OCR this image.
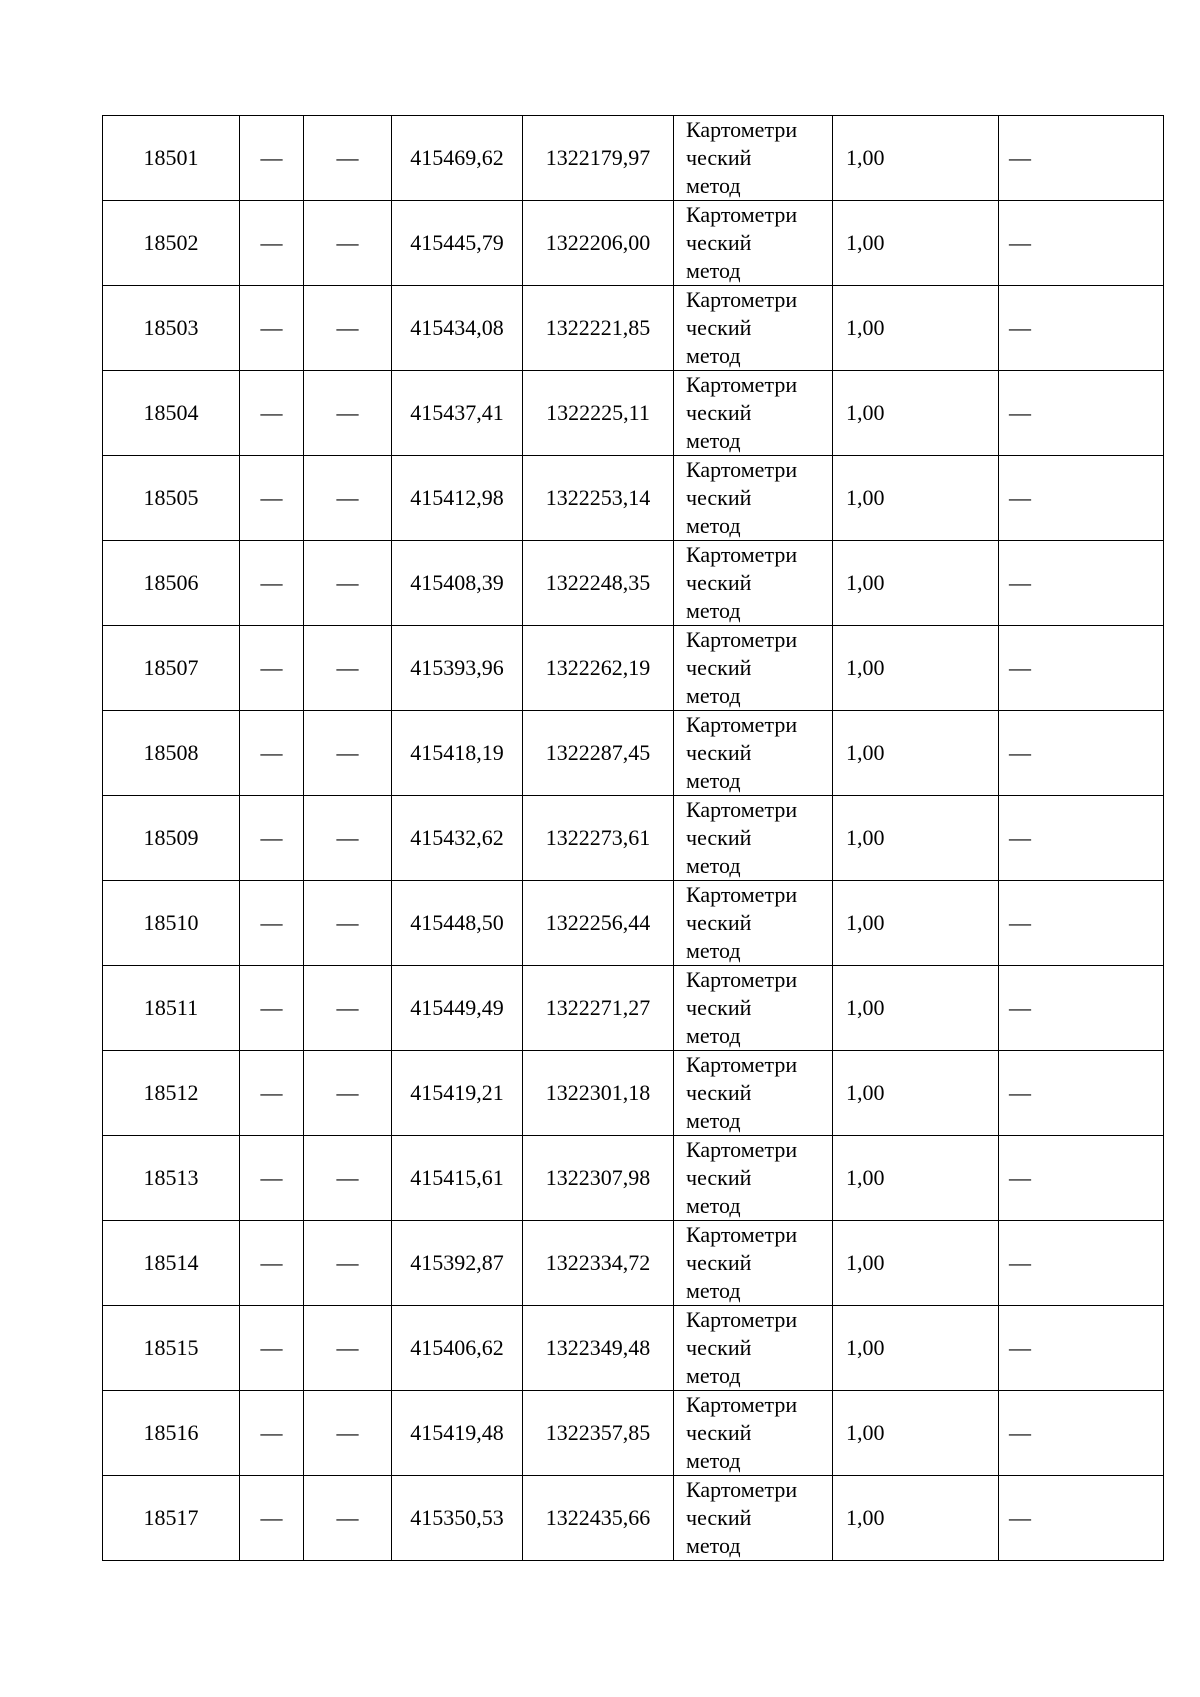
18501	—	—	415469,62	1322179,97	Картометри
ческий
метод	1,00	—
18502	—	—	415445,79	1322206,00	Картометри
ческий
метод	1,00	—
18503	—	—	415434,08	1322221,85	Картометри
ческий
метод	1,00	—
18504	—	—	415437,41	1322225,11	Картометри
ческий
метод	1,00	—
18505	—	—	415412,98	1322253,14	Картометри
ческий
метод	1,00	—
18506	—	—	415408,39	1322248,35	Картометри
ческий
метод	1,00	—
18507	—	—	415393,96	1322262,19	Картометри
ческий
метод	1,00	—
18508	—	—	415418,19	1322287,45	Картометри
ческий
метод	1,00	—
18509	—	—	415432,62	1322273,61	Картометри
ческий
метод	1,00	—
18510	—	—	415448,50	1322256,44	Картометри
ческий
метод	1,00	—
18511	—	—	415449,49	1322271,27	Картометри
ческий
метод	1,00	—
18512	—	—	415419,21	1322301,18	Картометри
ческий
метод	1,00	—
18513	—	—	415415,61	1322307,98	Картометри
ческий
метод	1,00	—
18514	—	—	415392,87	1322334,72	Картометри
ческий
метод	1,00	—
18515	—	—	415406,62	1322349,48	Картометри
ческий
метод	1,00	—
18516	—	—	415419,48	1322357,85	Картометри
ческий
метод	1,00	—
18517	—	—	415350,53	1322435,66	Картометри
ческий
метод	1,00	—
